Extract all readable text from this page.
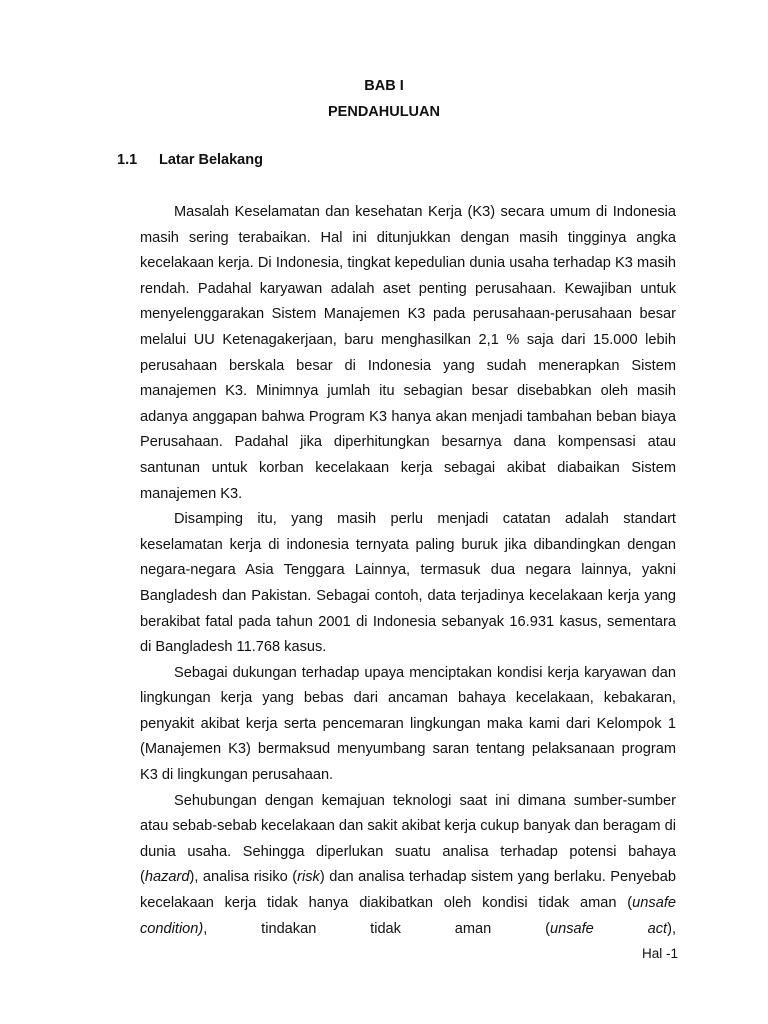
BAB I
PENDAHULUAN
1.1 Latar Belakang

Masalah Keselamatan dan kesehatan Kerja (K3) secara umum di Indonesia masih sering terabaikan. Hal ini ditunjukkan dengan masih tingginya angka kecelakaan kerja. Di Indonesia, tingkat kepedulian dunia usaha terhadap K3 masih rendah. Padahal karyawan adalah aset penting perusahaan. Kewajiban untuk menyelenggarakan Sistem Manajemen K3 pada perusahaan-perusahaan besar melalui UU Ketenagakerjaan, baru menghasilkan 2,1 % saja dari 15.000 lebih perusahaan berskala besar di Indonesia yang sudah menerapkan Sistem manajemen K3. Minimnya jumlah itu sebagian besar disebabkan oleh masih adanya anggapan bahwa Program K3 hanya akan menjadi tambahan beban biaya Perusahaan. Padahal jika diperhitungkan besarnya dana kompensasi atau santunan untuk korban kecelakaan kerja sebagai akibat diabaikan Sistem manajemen K3.

Disamping itu, yang masih perlu menjadi catatan adalah standart keselamatan kerja di indonesia ternyata paling buruk jika dibandingkan dengan negara-negara Asia Tenggara Lainnya, termasuk dua negara lainnya, yakni Bangladesh dan Pakistan. Sebagai contoh, data terjadinya kecelakaan kerja yang berakibat fatal pada tahun 2001 di Indonesia sebanyak 16.931 kasus, sementara di Bangladesh 11.768 kasus.

Sebagai dukungan terhadap upaya menciptakan kondisi kerja karyawan dan lingkungan kerja yang bebas dari ancaman bahaya kecelakaan, kebakaran, penyakit akibat kerja serta pencemaran lingkungan maka kami dari Kelompok 1 (Manajemen K3) bermaksud menyumbang saran tentang pelaksanaan program K3 di lingkungan perusahaan.

Sehubungan dengan kemajuan teknologi saat ini dimana sumber-sumber atau sebab-sebab kecelakaan dan sakit akibat kerja cukup banyak dan beragam di dunia usaha. Sehingga diperlukan suatu analisa terhadap potensi bahaya (hazard), analisa risiko (risk) dan analisa terhadap sistem yang berlaku. Penyebab kecelakaan kerja tidak hanya diakibatkan oleh kondisi tidak aman (unsafe condition), tindakan tidak aman (unsafe act),

Hal -1
